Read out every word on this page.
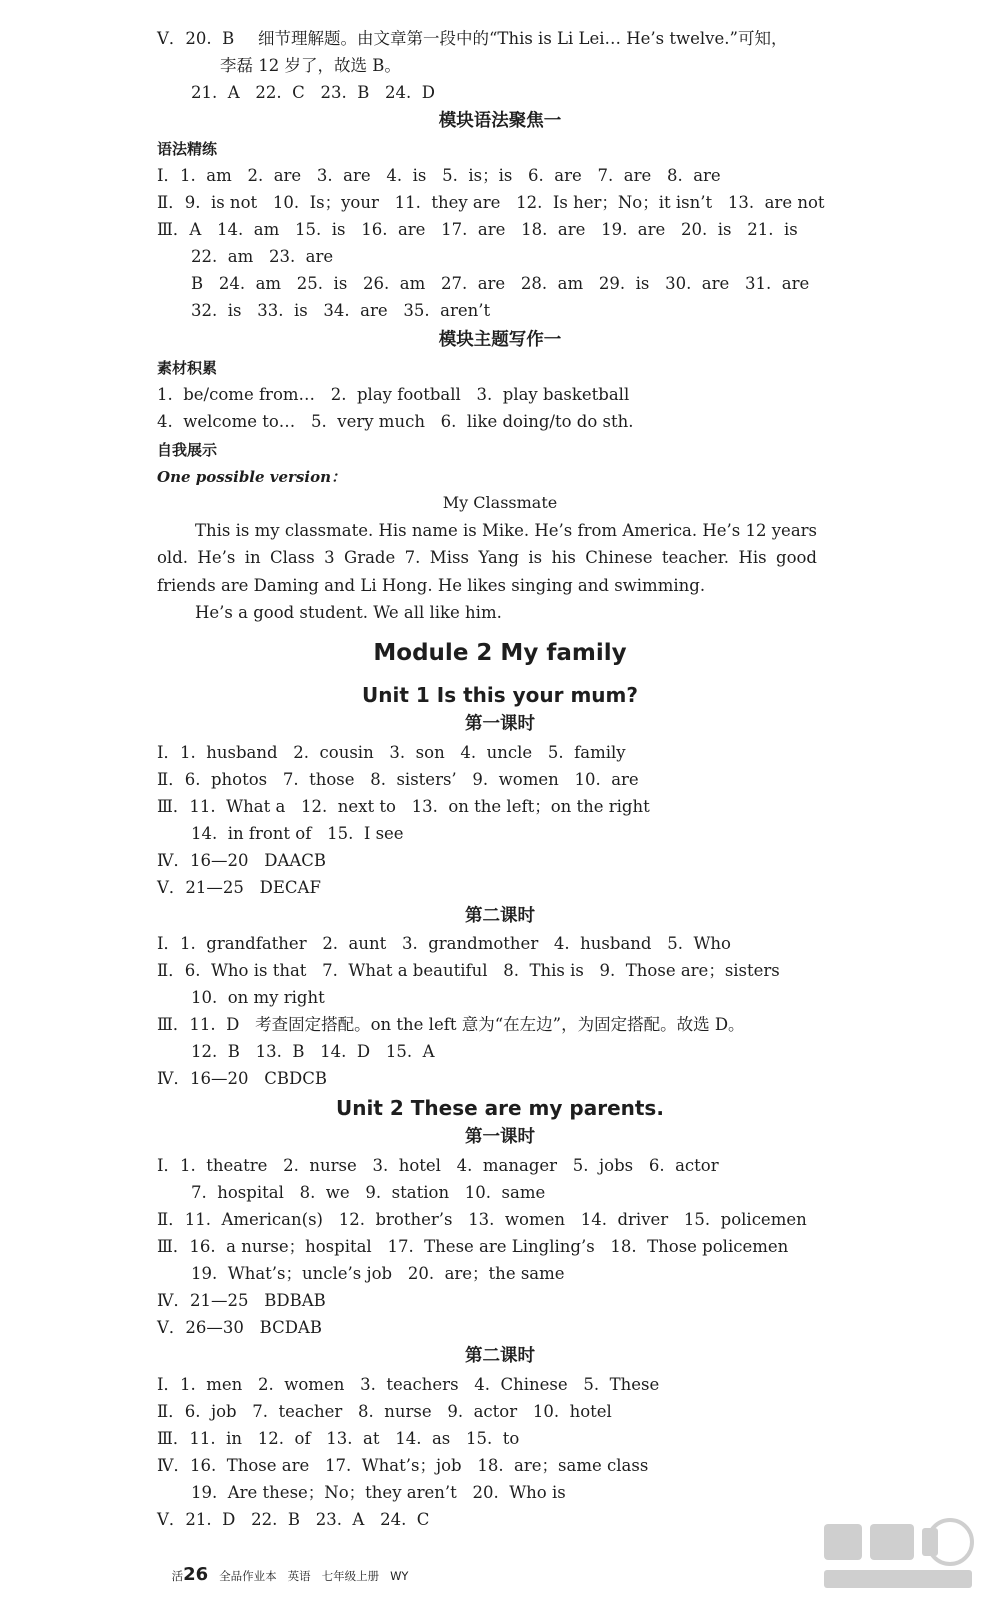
Ⅴ．20.  B

细节理解题。由文章第一段中的“This is Li Lei… He’s twelve.”可知，

李磊 12 岁了，故选 B。

21.  A   22.  C   23.  B   24.  D

模块语法聚焦一
语法精练

Ⅰ．1.  am   2.  are   3.  are   4.  is   5.  is；is   6.  are   7.  are   8.  are

Ⅱ．9.  is not   10.  Is；your   11.  they are   12.  Is her；No；it isn’t   13.  are not

Ⅲ．A   14.  am   15.  is   16.  are   17.  are   18.  are   19.  are   20.  is   21.  is

22.  am   23.  are

B   24.  am   25.  is   26.  am   27.  are   28.  am   29.  is   30.  are   31.  are

32.  is   33.  is   34.  are   35.  aren’t

模块主题写作一
素材积累

1.  be/come from…   2.  play football   3.  play basketball

4.  welcome to…   5.  very much   6.  like doing/to do sth.

自我展示
One possible version：
My Classmate
This is my classmate. His name is Mike. He’s from America. He’s 12 years old. He’s in Class 3 Grade 7. Miss Yang is his Chinese teacher. His good friends are Daming and Li Hong. He likes singing and swimming.
He’s a good student. We all like him.
Module 2 My family
Unit 1 Is this your mum?
第一课时

Ⅰ．1.  husband   2.  cousin   3.  son   4.  uncle   5.  family

Ⅱ．6.  photos   7.  those   8.  sisters’   9.  women   10.  are

Ⅲ．11.  What a   12.  next to   13.  on the left；on the right

14.  in front of   15.  I see

Ⅳ．16—20   DAACB

Ⅴ．21—25   DECAF

第二课时

Ⅰ．1.  grandfather   2.  aunt   3.  grandmother   4.  husband   5.  Who

Ⅱ．6.  Who is that   7.  What a beautiful   8.  This is   9.  Those are；sisters

10.  on my right

Ⅲ．11.  D   考查固定搭配。on the left 意为“在左边”，为固定搭配。故选 D。

12.  B   13.  B   14.  D   15.  A

Ⅳ．16—20   CBDCB

Unit 2 These are my parents.
第一课时

Ⅰ．1.  theatre   2.  nurse   3.  hotel   4.  manager   5.  jobs   6.  actor

7.  hospital   8.  we   9.  station   10.  same

Ⅱ．11.  American(s)   12.  brother’s   13.  women   14.  driver   15.  policemen

Ⅲ．16.  a nurse；hospital   17.  These are Lingling’s   18.  Those policemen

19.  What’s；uncle’s job   20.  are；the same

Ⅳ．21—25   BDBAB

Ⅴ．26—30   BCDAB

第二课时

Ⅰ．1.  men   2.  women   3.  teachers   4.  Chinese   5.  These

Ⅱ．6.  job   7.  teacher   8.  nurse   9.  actor   10.  hotel

Ⅲ．11.  in   12.  of   13.  at   14.  as   15.  to

Ⅳ．16.  Those are   17.  What’s；job   18.  are；same class

19.  Are these；No；they aren’t   20.  Who is

Ⅴ．21.  D   22.  B   23.  A   24.  C

活26 全品作业本 英语 七年级上册 WY
